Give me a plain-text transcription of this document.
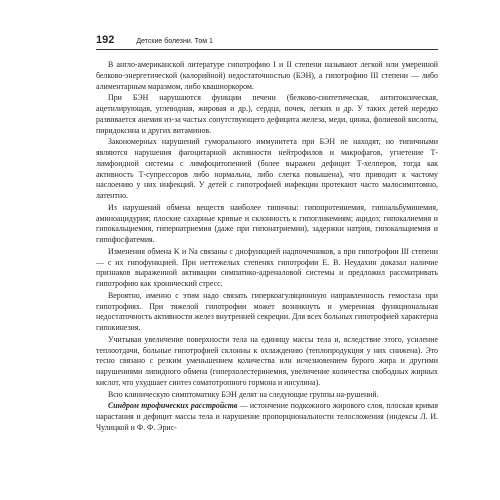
192	Детские болезни. Том 1

В англо-американской литературе гипотрофию I и II степени называют легкой или умеренной белково-энергетической (калорийной) недостаточностью (БЭН), а гипотрофию III степени — либо алиментарным маразмом, либо квашиоркором.

При БЭН нарушаются функции печени (белково-синтетическая, антитоксическая, ацетилирующая, углеводная, жировая и др.), сердца, почек, легких и др. У таких детей нередко развивается анемия из-за частых сопутствующего дефицита железа, меди, цинка, фолиевой кислоты, пиридоксина и других витаминов.

Закономерных нарушений гуморального иммунитета при БЭН не находят, но типичными являются нарушения фагоцитарной активности нейтрофилов и макрофагов, угнетение Т-лимфоидной системы с лимфоцитопенией (более выражен дефицит Т-хелперов, тогда как активность Т-супрессоров либо нормальна, либо слегка повышена), что приводит к частому наслоению у них инфекций. У детей с гипотрофией инфекции протекают часто малосимптомно, латентно.

Из нарушений обмена веществ наиболее типичны: гипопротеинемия, гипоальбуминемия, аминоацидурия; плоские сахарные кривые и склонность к гипогликемиям; ацидоз; гипокалиемия и гипокальциемия, гипернатриемия (даже при гипонатриемии), задержки натрия, гипокальциемия и гипофосфатемия.

Изменения обмена K и Na связаны с дисфункцией надпочечников, а при гипотрофии III степени — с их гипофункцией. При неттежелых степенях гипотрофии Е. В. Неудахин доказал наличие признаков выраженной активации симпатико-адреналовой системы и предложил рассматривать гипотрофию как хронический стресс.

Вероятно, именно с этим надо связать гиперкоагуляционную направленность гемостаза при гипотрофиях. При тяжелой гипотрофии может возникнуть и умеренная функциональная недостаточность активности желез внутренней секреции. Для всех больных гипотрофией характерна гипокинезия.

Учитывая увеличение поверхности тела на единицу массы тела и, вследствие этого, усиление теплоотдачи, больные гипотрофией склонны к охлаждению (теплопродукция у них снижена). Это тесно связано с резким уменьшением количества или исчезновением бурого жира и другими нарушениями липидного обмена (гиперхолестеринемия, увеличение количества свободных жирных кислот, что ухудшает синтез соматотропного гормона и инсулина).

Всю клиническую симптоматику БЭН делят на следующие группы на-рушений.

Синдром трофических расстройств — истончение подкожного жирового слоя, плоская кривая нарастания и дефицит массы тела и нарушение пропорциональности телосложения (индексы Л. И. Чулицкой и Ф. Ф. Эрис-
